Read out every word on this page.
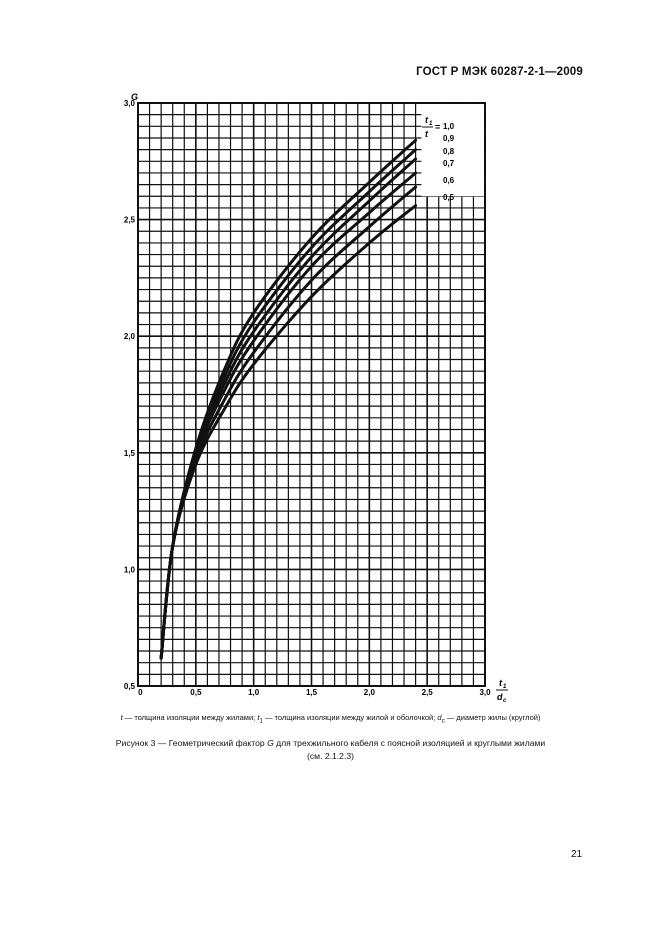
ГОСТ Р МЭК 60287-2-1—2009
0,5	1,0	1,5	2,0	2,5	3,0
0
0,5
1,0
1,5
2,0
2,5
3,0
G
t 1
d c
t 1
t
= 1,0
0,9
0,8
0,7
0,6
0,5
t — толщина изоляции между жилами; $t_1$ — толщина изоляции между жилой и оболочкой; $d_c$ — диаметр жилы (круглой)
Рисунок 3 — Геометрический фактор G для трехжильного кабеля с поясной изоляцией и круглыми жилами
(см. 2.1.2.3)
21
